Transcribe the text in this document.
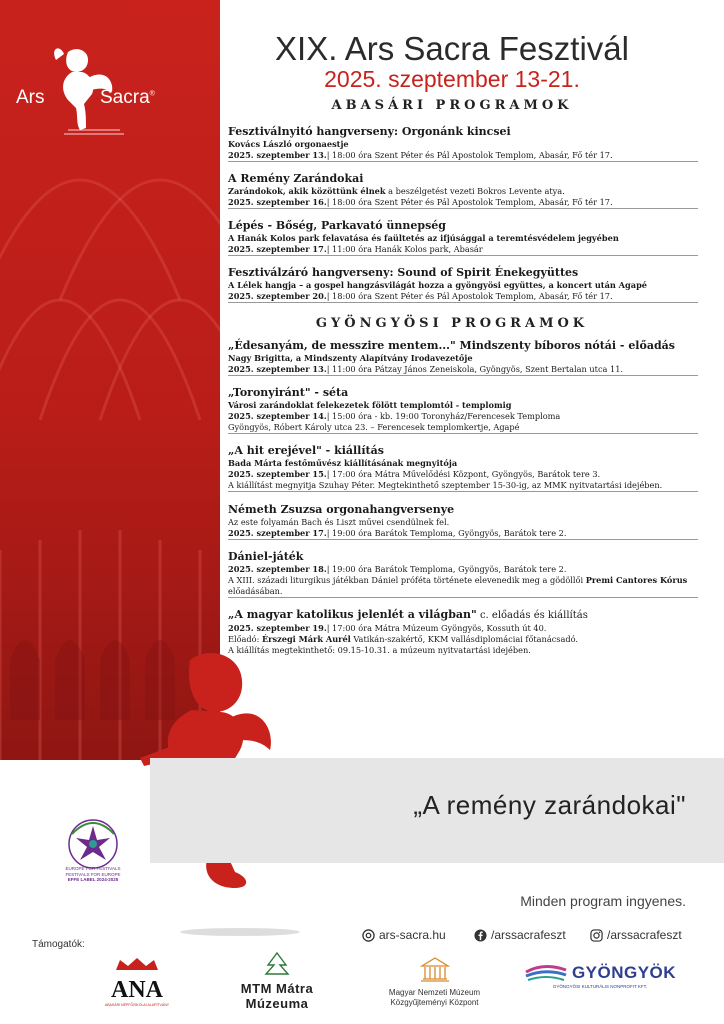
Ars	Sacra®
„A remény zarándokai"
XIX. Ars Sacra Fesztivál
2025. szeptember 13-21.
ABASÁRI PROGRAMOK
Fesztiválnyitó hangverseny: Orgonánk kincsei
Kovács László orgonaestje
2025. szeptember 13.| 18:00 óra Szent Péter és Pál Apostolok Templom, Abasár, Fő tér 17.
A Remény Zarándokai
Zarándokok, akik közöttünk élnek a beszélgetést vezeti Bokros Levente atya.
2025. szeptember 16.| 18:00 óra Szent Péter és Pál Apostolok Templom, Abasár, Fő tér 17.
Lépés - Bőség, Parkavató ünnepség
A Hanák Kolos park felavatása és faültetés az ifjúsággal a teremtésvédelem jegyében
2025. szeptember 17.| 11:00 óra Hanák Kolos park, Abasár
Fesztiválzáró hangverseny: Sound of Spirit Énekegyüttes
A Lélek hangja – a gospel hangzásvilágát hozza a gyöngyösi együttes, a koncert után Agapé
2025. szeptember 20.| 18:00 óra Szent Péter és Pál Apostolok Templom, Abasár, Fő tér 17.
GYÖNGYÖSI PROGRAMOK
„Édesanyám, de messzire mentem..." Mindszenty bíboros nótái - előadás
Nagy Brigitta, a Mindszenty Alapítvány Irodavezetője
2025. szeptember 13.| 11:00 óra Pátzay János Zeneiskola, Gyöngyös, Szent Bertalan utca 11.
„Toronyiránt" - séta
Városi zarándoklat felekezetek fölött templomtól - templomig
2025. szeptember 14.| 15:00 óra - kb. 19:00 Toronyház/Ferencesek Temploma
Gyöngyös, Róbert Károly utca 23. – Ferencesek templomkertje, Agapé
„A hit erejével" - kiállítás
Bada Márta festőművész kiállításának megnyitója
2025. szeptember 15.| 17:00 óra Mátra Művelődési Központ, Gyöngyös, Barátok tere 3.
A kiállítást megnyitja Szuhay Péter. Megtekinthető szeptember 15-30-ig, az MMK nyitvatartási idejében.
Németh Zsuzsa orgonahangversenye
Az este folyamán Bach és Liszt művei csendülnek fel.
2025. szeptember 17.| 19:00 óra Barátok Temploma, Gyöngyös, Barátok tere 2.
Dániel-játék
2025. szeptember 18.| 19:00 óra Barátok Temploma, Gyöngyös, Barátok tere 2.
A XIII. századi liturgikus játékban Dániel próféta története elevenedik meg a gödöllői Premi Cantores Kórus
előadásában.
„A magyar katolikus jelenlét a világban" c. előadás és kiállítás
2025. szeptember 19.| 17:00 óra Mátra Múzeum Gyöngyös, Kossuth út 40.
Előadó: Érszegi Márk Aurél Vatikán-szakértő, KKM vallásdiplomáciai főtanácsadó.
A kiállítás megtekinthető: 09.15-10.31. a múzeum nyitvatartási idejében.
EUROPE FOR FESTIVALS
FESTIVALS FOR EUROPE
EFFE LABEL 2024-2025
Minden program ingyenes.
ars-sacra.hu	/arssacrafeszt	/arssacrafeszt
Támogatók:
ANA
ABASÁRI NÉPFŐISKOLAI ALAPÍTVÁNY
MTM Mátra Múzeuma
Magyar Nemzeti Múzeum
Közgyűjteményi Központ
GYÖNGYÖK
GYÖNGYÖSI KULTURÁLIS NONPROFIT KFT.
